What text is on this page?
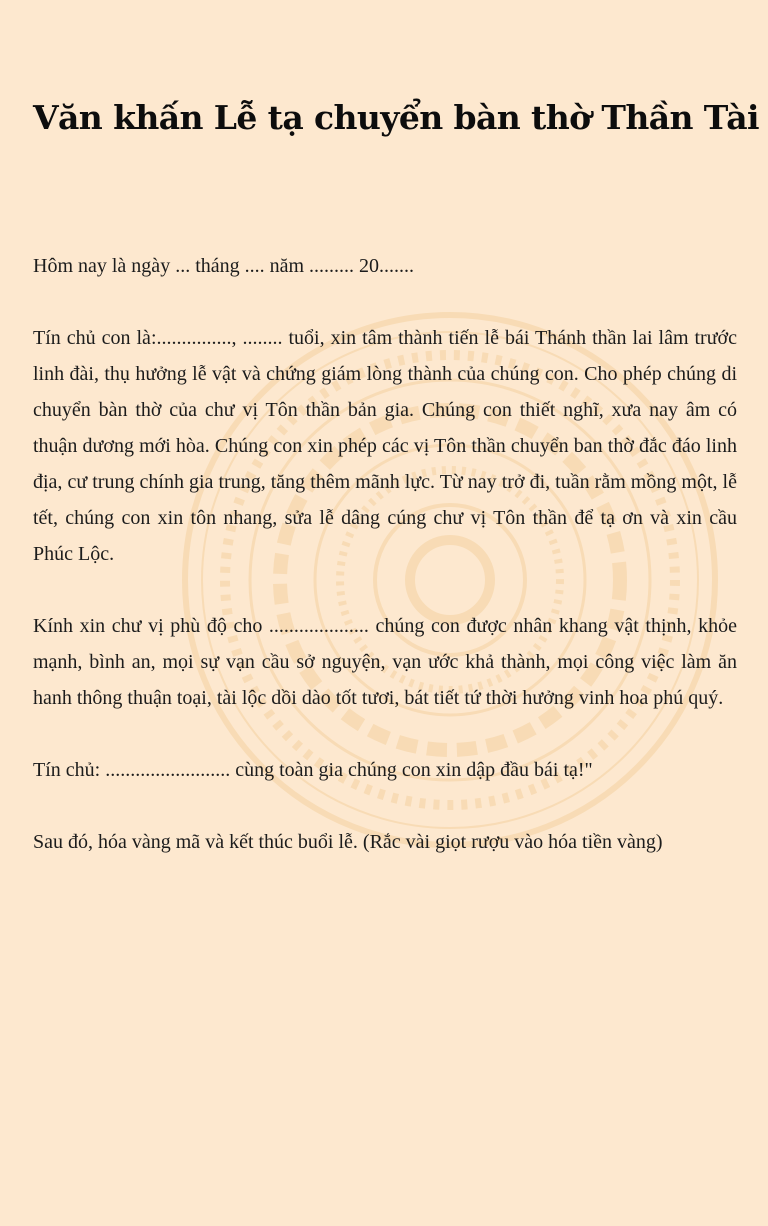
Văn khấn Lễ tạ chuyển bàn thờ Thần Tài

Hôm nay là ngày ... tháng .... năm ......... 20.......

Tín chủ con là:..............., ........ tuổi, xin tâm thành tiến lễ bái Thánh thần lai lâm trước linh đài, thụ hưởng lễ vật và chứng giám lòng thành của chúng con. Cho phép chúng di chuyển bàn thờ của chư vị Tôn thần bản gia. Chúng con thiết nghĩ, xưa nay âm có thuận dương mới hòa. Chúng con xin phép các vị Tôn thần chuyển ban thờ đắc đáo linh địa, cư trung chính gia trung, tăng thêm mãnh lực. Từ nay trở đi, tuần rằm mồng một, lễ tết, chúng con xin tôn nhang, sửa lễ dâng cúng chư vị Tôn thần để tạ ơn và xin cầu Phúc Lộc.

Kính xin chư vị phù độ cho .................... chúng con được nhân khang vật thịnh, khỏe mạnh, bình an, mọi sự vạn cầu sở nguyện, vạn ước khả thành, mọi công việc làm ăn hanh thông thuận toại, tài lộc dồi dào tốt tươi, bát tiết tứ thời hưởng vinh hoa phú quý.

Tín chủ: ......................... cùng toàn gia chúng con xin dập đầu bái tạ!"

Sau đó, hóa vàng mã và kết thúc buổi lễ. (Rắc vài giọt rượu vào hóa tiền vàng)
